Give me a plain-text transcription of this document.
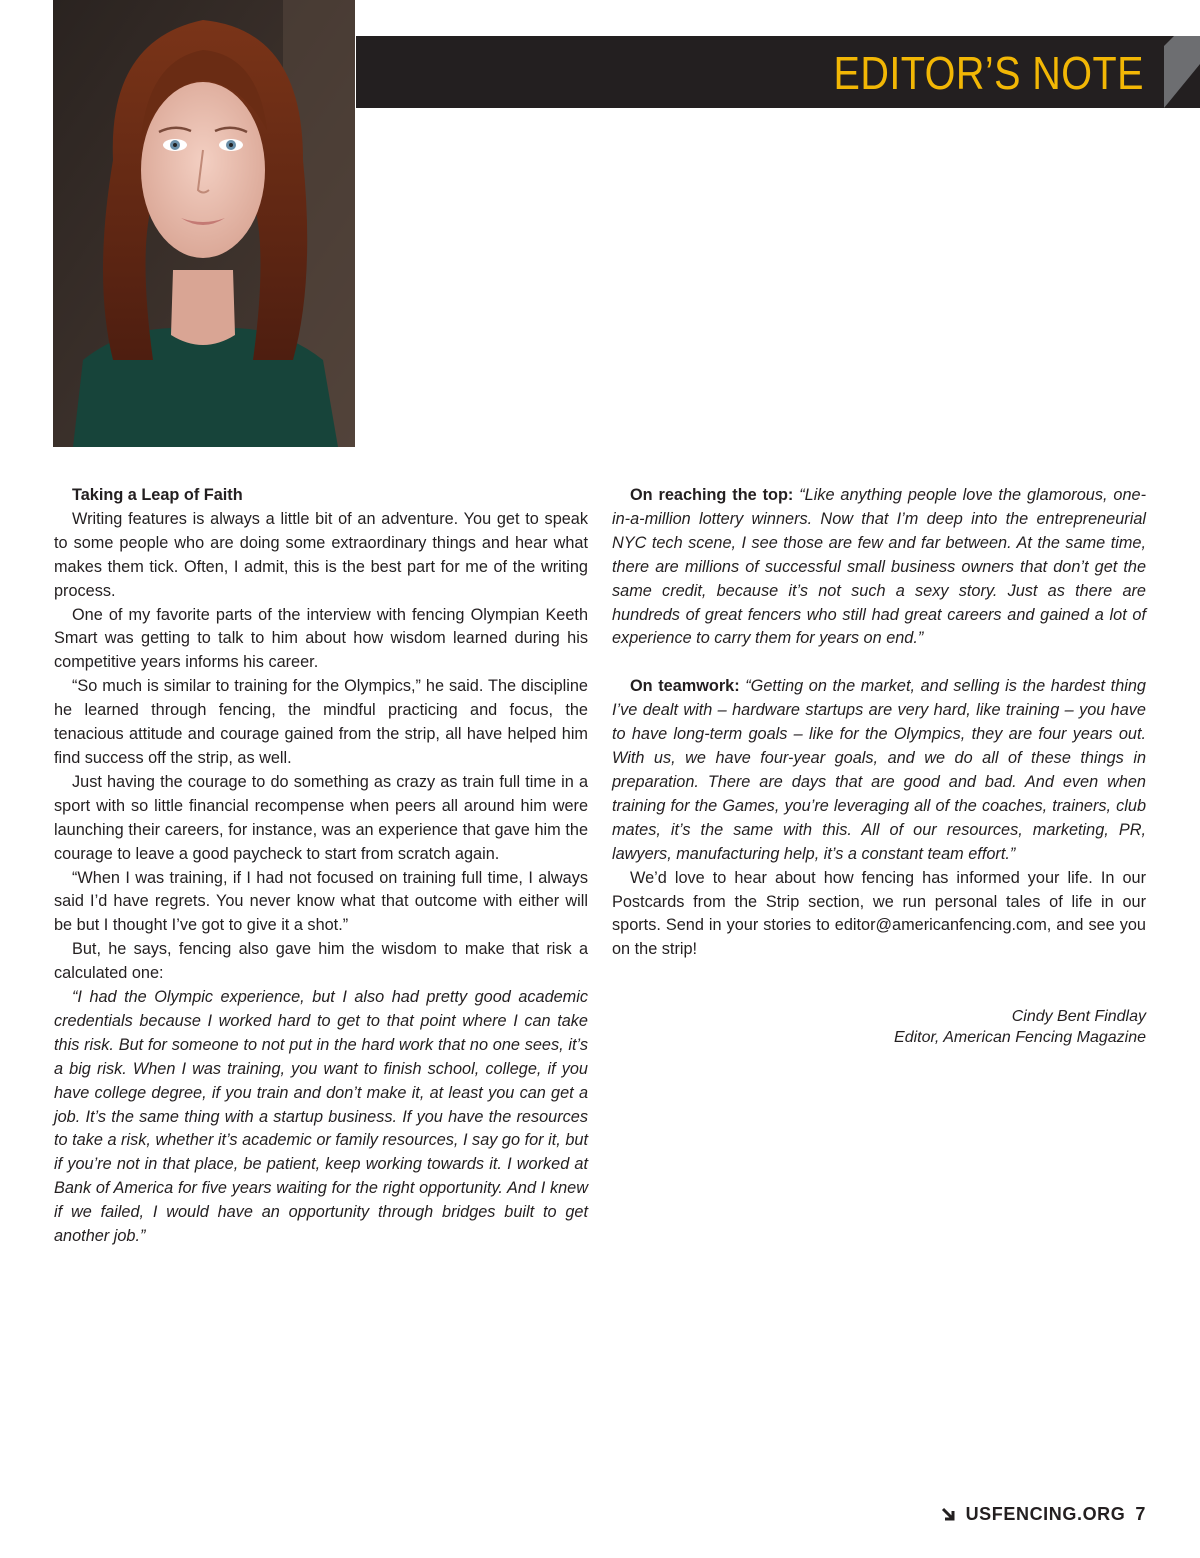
EDITOR’S NOTE

Taking a Leap of Faith

Writing features is always a little bit of an adventure. You get to speak to some people who are doing some extraordinary things and hear what makes them tick. Often, I admit, this is the best part for me of the writing process.

One of my favorite parts of the interview with fencing Olympian Keeth Smart was getting to talk to him about how wisdom learned during his competitive years informs his career.

“So much is similar to training for the Olympics,” he said. The discipline he learned through fencing, the mindful practicing and focus, the tenacious attitude and courage gained from the strip, all have helped him find success off the strip, as well.

Just having the courage to do something as crazy as train full time in a sport with so little financial recompense when peers all around him were launching their careers, for instance, was an experience that gave him the courage to leave a good paycheck to start from scratch again.

“When I was training, if I had not focused on training full time, I always said I’d have regrets. You never know what that outcome with either will be but I thought I’ve got to give it a shot.”

But, he says, fencing also gave him the wisdom to make that risk a calculated one:

“I had the Olympic experience, but I also had pretty good academic credentials because I worked hard to get to that point where I can take this risk. But for someone to not put in the hard work that no one sees, it’s a big risk. When I was training, you want to finish school, college, if you have college degree, if you train and don’t make it, at least you can get a job. It’s the same thing with a startup business. If you have the resources to take a risk, whether it’s academic or family resources, I say go for it, but if you’re not in that place, be patient, keep working towards it. I worked at Bank of America for five years waiting for the right opportunity. And I knew if we failed, I would have an opportunity through bridges built to get another job.”

On reaching the top: “Like anything people love the glamorous, one-in-a-million lottery winners. Now that I’m deep into the entrepreneurial NYC tech scene, I see those are few and far between. At the same time, there are millions of successful small business owners that don’t get the same credit, because it’s not such a sexy story. Just as there are hundreds of great fencers who still had great careers and gained a lot of experience to carry them for years on end.”

On teamwork: “Getting on the market, and selling is the hardest thing I’ve dealt with – hardware startups are very hard, like training – you have to have long-term goals – like for the Olympics, they are four years out. With us, we have four-year goals, and we do all of these things in preparation. There are days that are good and bad. And even when training for the Games, you’re leveraging all of the coaches, trainers, club mates, it’s the same with this. All of our resources, marketing, PR, lawyers, manufacturing help, it’s a constant team effort.”

We’d love to hear about how fencing has informed your life. In our Postcards from the Strip section, we run personal tales of life in our sports. Send in your stories to editor@americanfencing.com, and see you on the strip!

Cindy Bent Findlay
Editor, American Fencing Magazine
USFENCING.ORG 7
